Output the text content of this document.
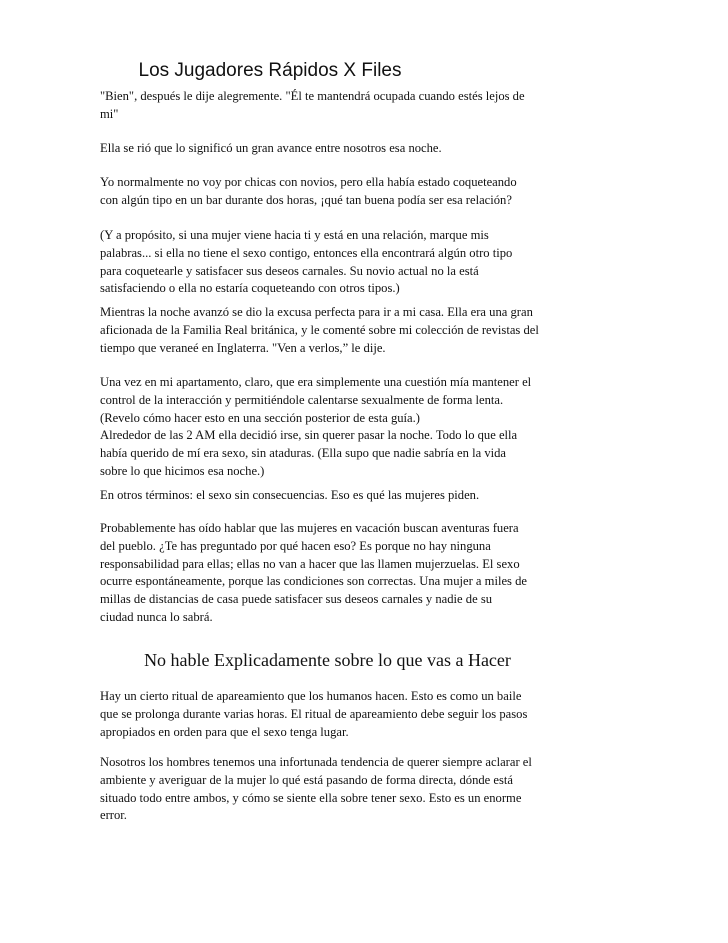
Los Jugadores Rápidos X Files

"Bien", después le dije alegremente. "Él te mantendrá ocupada cuando estés lejos de
mi"

Ella se rió que lo significó un gran avance entre nosotros esa noche.

Yo normalmente no voy por chicas con novios, pero ella había estado coqueteando
con algún tipo en un bar durante dos horas, ¡qué tan buena podía ser esa relación?

(Y a propósito, si una mujer viene hacia ti y está en una relación, marque mis
palabras... si ella no tiene el sexo contigo, entonces ella encontrará algún otro tipo
para coquetearle y satisfacer sus deseos carnales. Su novio actual no la está
satisfaciendo o ella no estaría coqueteando con otros tipos.)

Mientras la noche avanzó se dio la excusa perfecta para ir a mi casa. Ella era una gran
aficionada de la Familia Real británica, y le comenté sobre mi colección de revistas del
tiempo que veraneé en Inglaterra. "Ven a verlos,” le dije.

Una vez en mi apartamento, claro, que era simplemente una cuestión mía mantener el
control de la interacción y permitiéndole calentarse sexualmente de forma lenta.
(Revelo cómo hacer esto en una sección posterior de esta guía.)
Alrededor de las 2 AM ella decidió irse, sin querer pasar la noche. Todo lo que ella
había querido de mí era sexo, sin ataduras. (Ella supo que nadie sabría en la vida
sobre lo que hicimos esa noche.)

En otros términos: el sexo sin consecuencias. Eso es qué las mujeres piden.

Probablemente has oído hablar que las mujeres en vacación buscan aventuras fuera
del pueblo. ¿Te has preguntado por qué hacen eso? Es porque no hay ninguna
responsabilidad para ellas; ellas no van a hacer que las llamen mujerzuelas. El sexo
ocurre espontáneamente, porque las condiciones son correctas. Una mujer a miles de
millas de distancias de casa puede satisfacer sus deseos carnales y nadie de su
ciudad nunca lo sabrá.

No hable Explicadamente sobre lo que vas a Hacer

Hay un cierto ritual de apareamiento que los humanos hacen. Esto es como un baile
que se prolonga durante varias horas. El ritual de apareamiento debe seguir los pasos
apropiados en orden para que el sexo tenga lugar.

Nosotros los hombres tenemos una infortunada tendencia de querer siempre aclarar el
ambiente y averiguar de la mujer lo qué está pasando de forma directa, dónde está
situado todo entre ambos, y cómo se siente ella sobre tener sexo. Esto es un enorme
error.
